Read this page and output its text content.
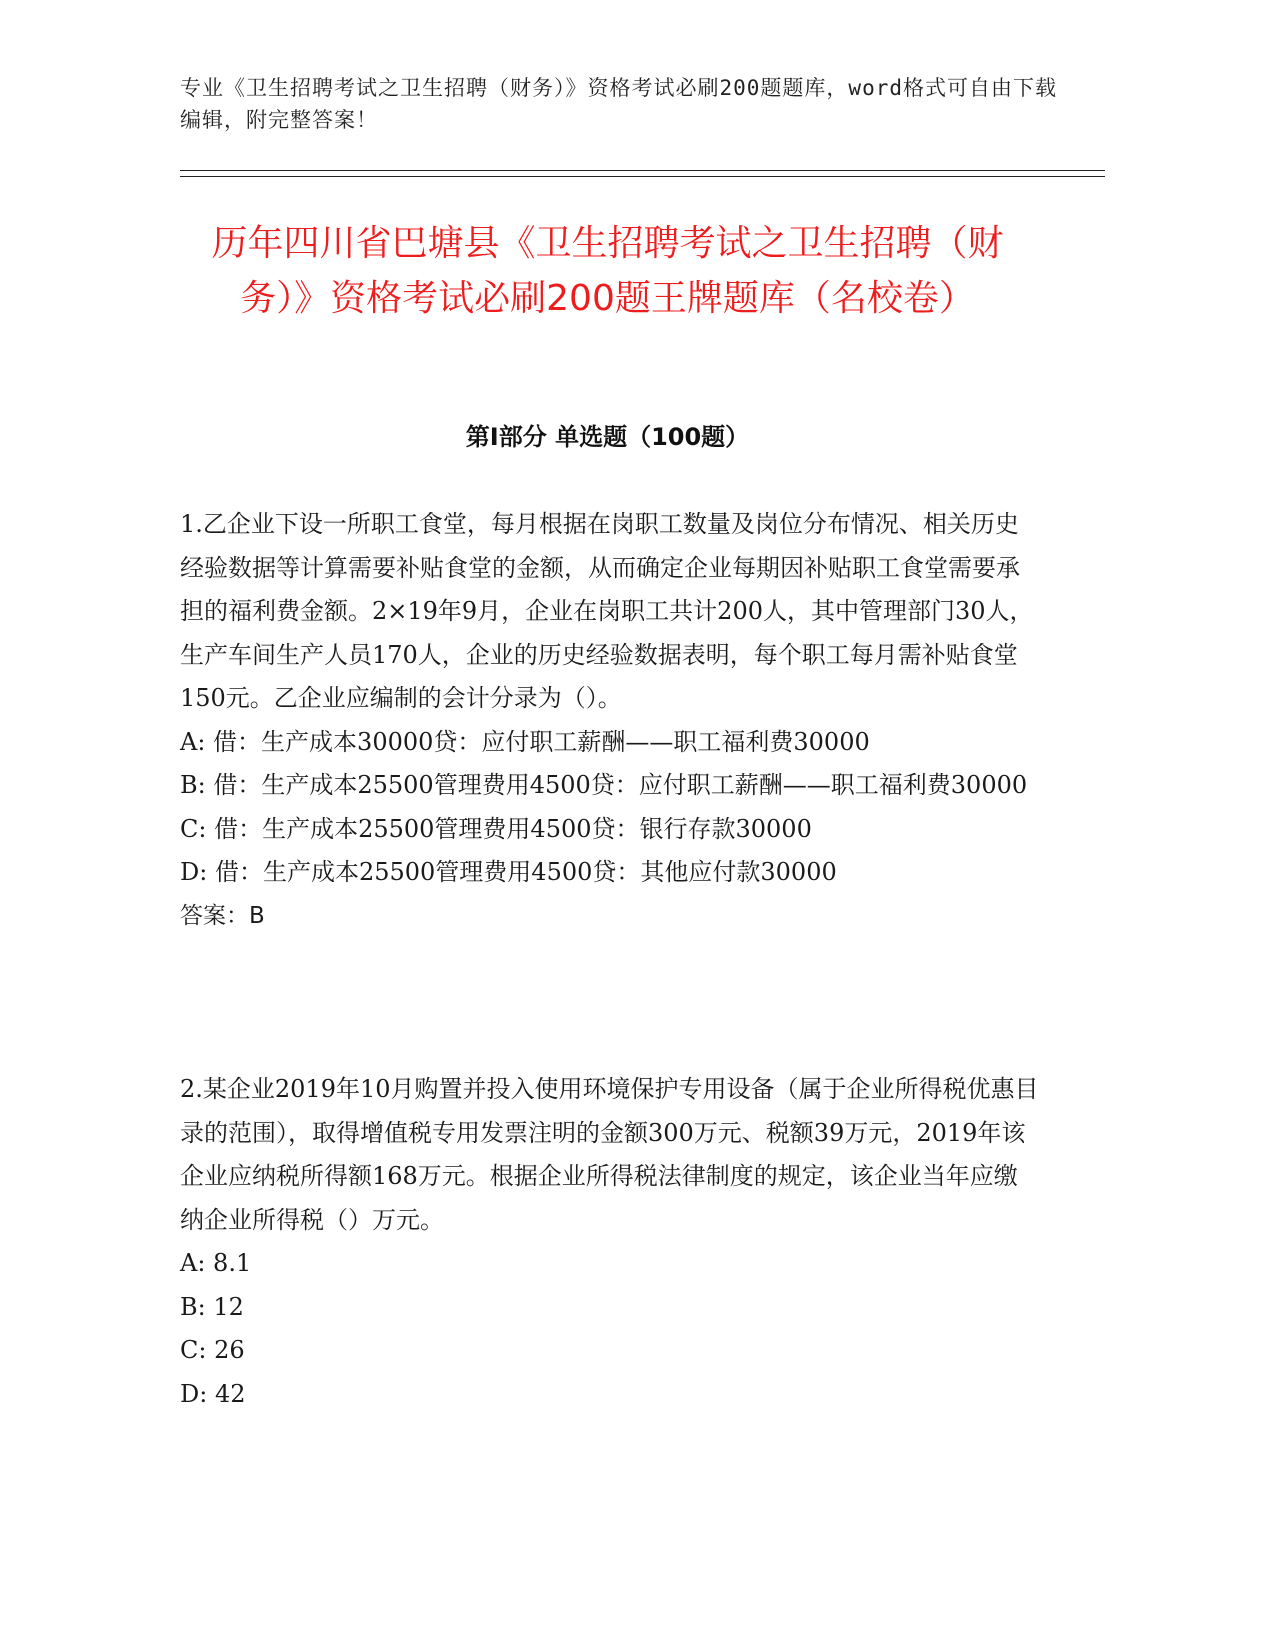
专业《卫生招聘考试之卫生招聘（财务）》资格考试必刷200题题库，word格式可自由下载编辑，附完整答案！
历年四川省巴塘县《卫生招聘考试之卫生招聘（财务）》资格考试必刷200题王牌题库（名校卷）
第I部分 单选题（100题）

1.乙企业下设一所职工食堂，每月根据在岗职工数量及岗位分布情况、相关历史经验数据等计算需要补贴食堂的金额，从而确定企业每期因补贴职工食堂需要承担的福利费金额。2×19年9月，企业在岗职工共计200人，其中管理部门30人，生产车间生产人员170人，企业的历史经验数据表明，每个职工每月需补贴食堂150元。乙企业应编制的会计分录为（）。

A: 借：生产成本30000贷：应付职工薪酬——职工福利费30000

B: 借：生产成本25500管理费用4500贷：应付职工薪酬——职工福利费30000

C: 借：生产成本25500管理费用4500贷：银行存款30000

D: 借：生产成本25500管理费用4500贷：其他应付款30000

答案：B

2.某企业2019年10月购置并投入使用环境保护专用设备（属于企业所得税优惠目录的范围），取得增值税专用发票注明的金额300万元、税额39万元，2019年该企业应纳税所得额168万元。根据企业所得税法律制度的规定，该企业当年应缴纳企业所得税（）万元。

A: 8.1

B: 12

C: 26

D: 42
